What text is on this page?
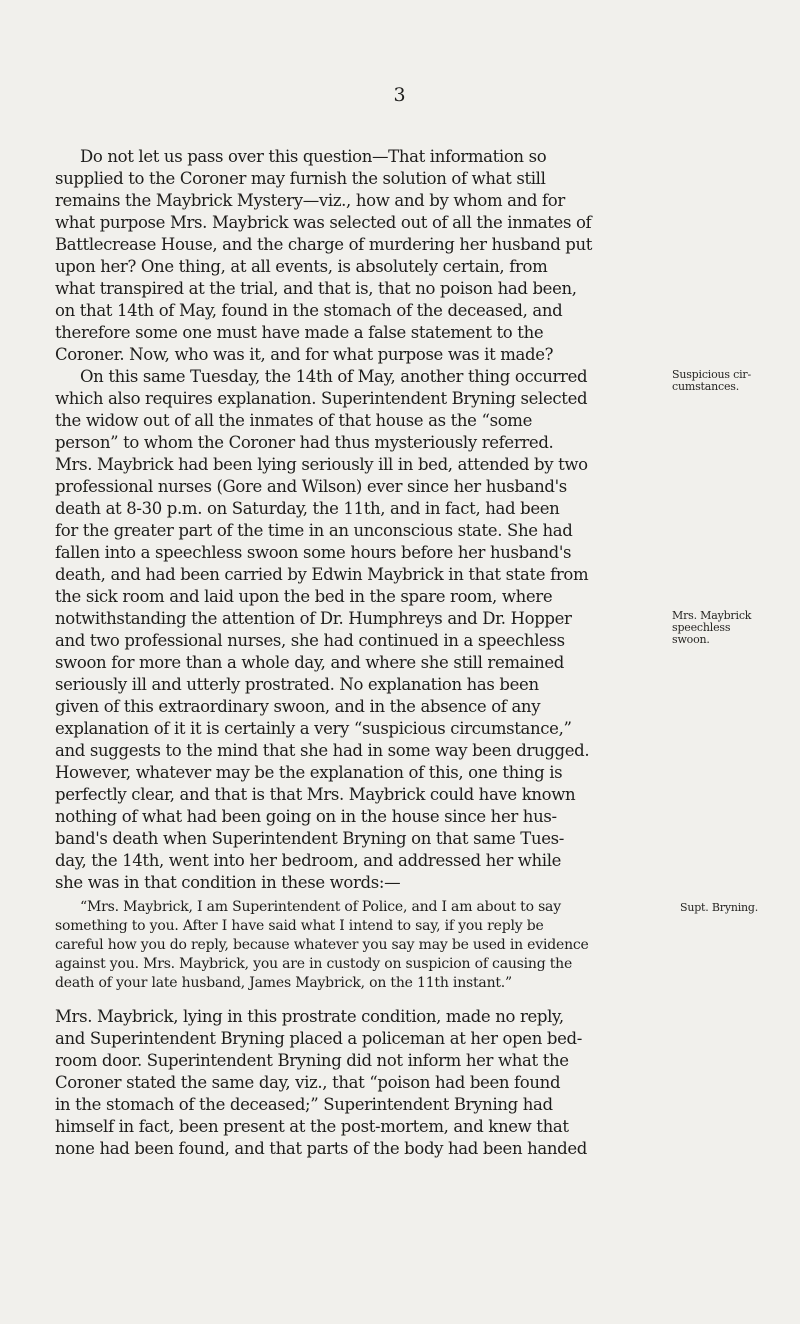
3
Do not let us pass over this question—That information so
supplied to the Coroner may furnish the solution of what still
remains the Maybrick Mystery—viz., how and by whom and for
what purpose Mrs. Maybrick was selected out of all the inmates of
Battlecrease House, and the charge of murdering her husband put
upon her? One thing, at all events, is absolutely certain, from
what transpired at the trial, and that is, that no poison had been,
on that 14th of May, found in the stomach of the deceased, and
therefore some one must have made a false statement to the
Coroner. Now, who was it, and for what purpose was it made?
On this same Tuesday, the 14th of May, another thing occurred
which also requires explanation. Superintendent Bryning selected
the widow out of all the inmates of that house as the “some
person” to whom the Coroner had thus mysteriously referred.
Mrs. Maybrick had been lying seriously ill in bed, attended by two
professional nurses (Gore and Wilson) ever since her husband's
death at 8-30 p.m. on Saturday, the 11th, and in fact, had been
for the greater part of the time in an unconscious state. She had
fallen into a speechless swoon some hours before her husband's
death, and had been carried by Edwin Maybrick in that state from
the sick room and laid upon the bed in the spare room, where
notwithstanding the attention of Dr. Humphreys and Dr. Hopper
and two professional nurses, she had continued in a speechless
swoon for more than a whole day, and where she still remained
seriously ill and utterly prostrated. No explanation has been
given of this extraordinary swoon, and in the absence of any
explanation of it it is certainly a very “suspicious circumstance,”
and suggests to the mind that she had in some way been drugged.
However, whatever may be the explanation of this, one thing is
perfectly clear, and that is that Mrs. Maybrick could have known
nothing of what had been going on in the house since her hus-
band's death when Superintendent Bryning on that same Tues-
day, the 14th, went into her bedroom, and addressed her while
she was in that condition in these words:—
“Mrs. Maybrick, I am Superintendent of Police, and I am about to say
something to you. After I have said what I intend to say, if you reply be
careful how you do reply, because whatever you say may be used in evidence
against you. Mrs. Maybrick, you are in custody on suspicion of causing the
death of your late husband, James Maybrick, on the 11th instant.”
Mrs. Maybrick, lying in this prostrate condition, made no reply,
and Superintendent Bryning placed a policeman at her open bed-
room door. Superintendent Bryning did not inform her what the
Coroner stated the same day, viz., that “poison had been found
in the stomach of the deceased;” Superintendent Bryning had
himself in fact, been present at the post-mortem, and knew that
none had been found, and that parts of the body had been handed
Suspicious cir-
cumstances.
Mrs. Maybrick
speechless
swoon.
Supt. Bryning.
